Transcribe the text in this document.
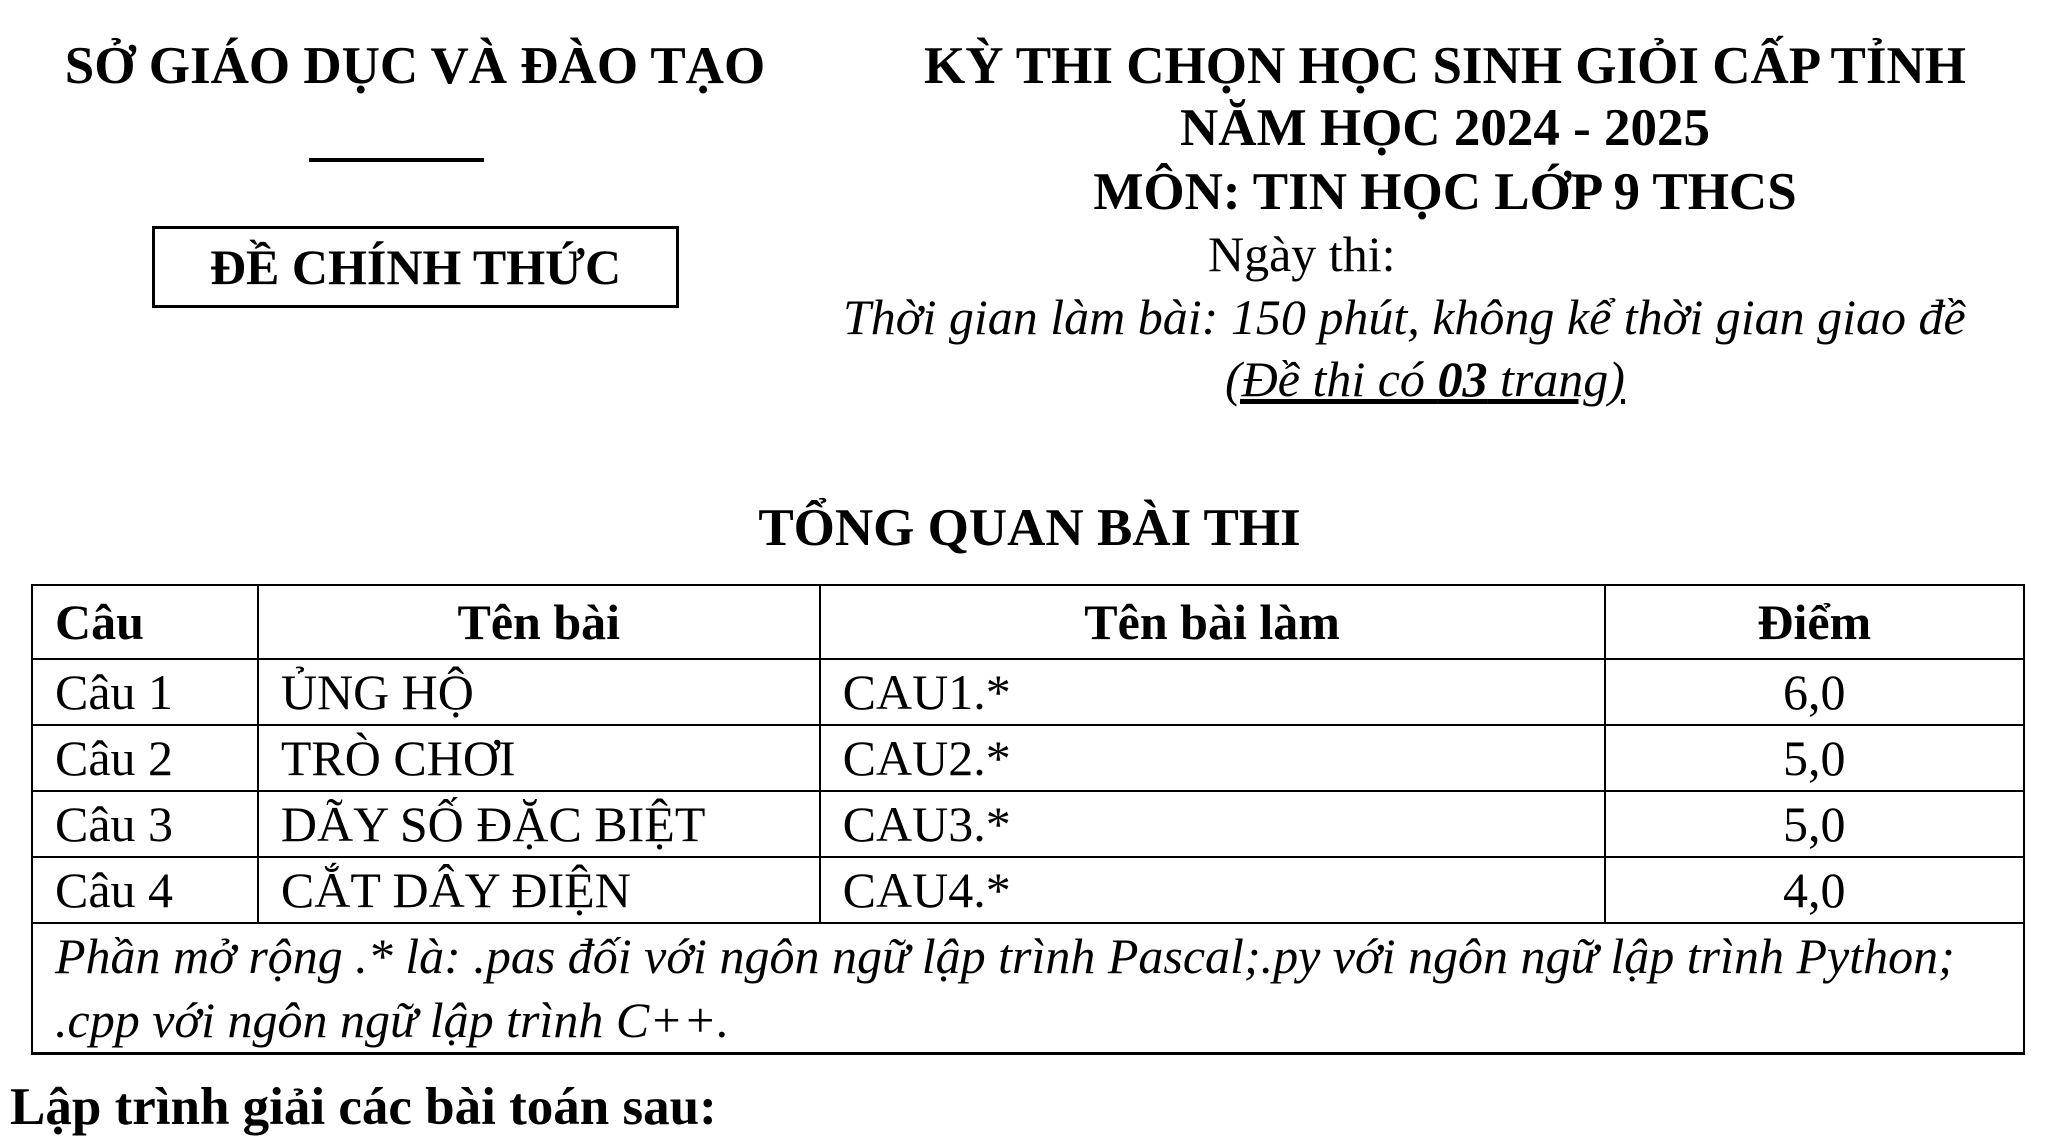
SỞ GIÁO DỤC VÀ ĐÀO TẠO
ĐỀ CHÍNH THỨC
KỲ THI CHỌN HỌC SINH GIỎI CẤP TỈNH
NĂM HỌC 2024 - 2025
MÔN: TIN HỌC LỚP 9 THCS
Ngày thi:
Thời gian làm bài: 150 phút, không kể thời gian giao đề
(Đề thi có 03 trang)
TỔNG QUAN BÀI THI
Câu	Tên bài	Tên bài làm	Điểm
Câu 1	ỦNG HỘ	CAU1.*	6,0
Câu 2	TRÒ CHƠI	CAU2.*	5,0
Câu 3	DÃY SỐ ĐẶC BIỆT	CAU3.*	5,0
Câu 4	CẮT DÂY ĐIỆN	CAU4.*	4,0
Phần mở rộng .* là: .pas đối với ngôn ngữ lập trình Pascal;.py với ngôn ngữ lập trình Python; .cpp với ngôn ngữ lập trình C++.			
Lập trình giải các bài toán sau:
